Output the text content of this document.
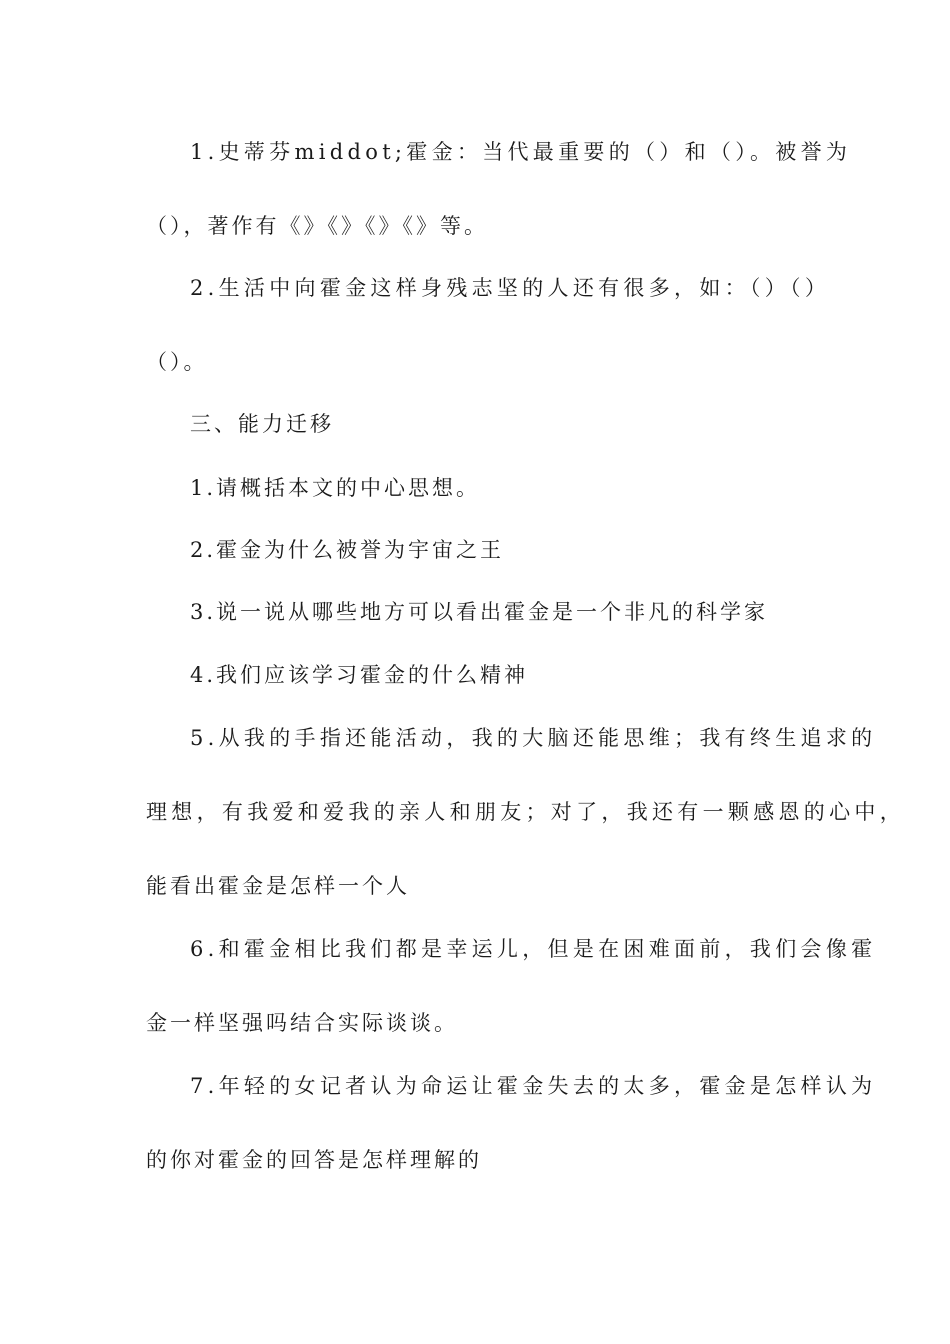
1.史蒂芬middot;霍金：当代最重要的（）和（）。被誉为
（），著作有《》《》《》《》等。
2.生活中向霍金这样身残志坚的人还有很多，如：（）（）
（）。
三、能力迁移
1.请概括本文的中心思想。
2.霍金为什么被誉为宇宙之王
3.说一说从哪些地方可以看出霍金是一个非凡的科学家
4.我们应该学习霍金的什么精神
5.从我的手指还能活动，我的大脑还能思维；我有终生追求的
理想，有我爱和爱我的亲人和朋友；对了，我还有一颗感恩的心中，
能看出霍金是怎样一个人
6.和霍金相比我们都是幸运儿，但是在困难面前，我们会像霍
金一样坚强吗结合实际谈谈。
7.年轻的女记者认为命运让霍金失去的太多，霍金是怎样认为
的你对霍金的回答是怎样理解的
